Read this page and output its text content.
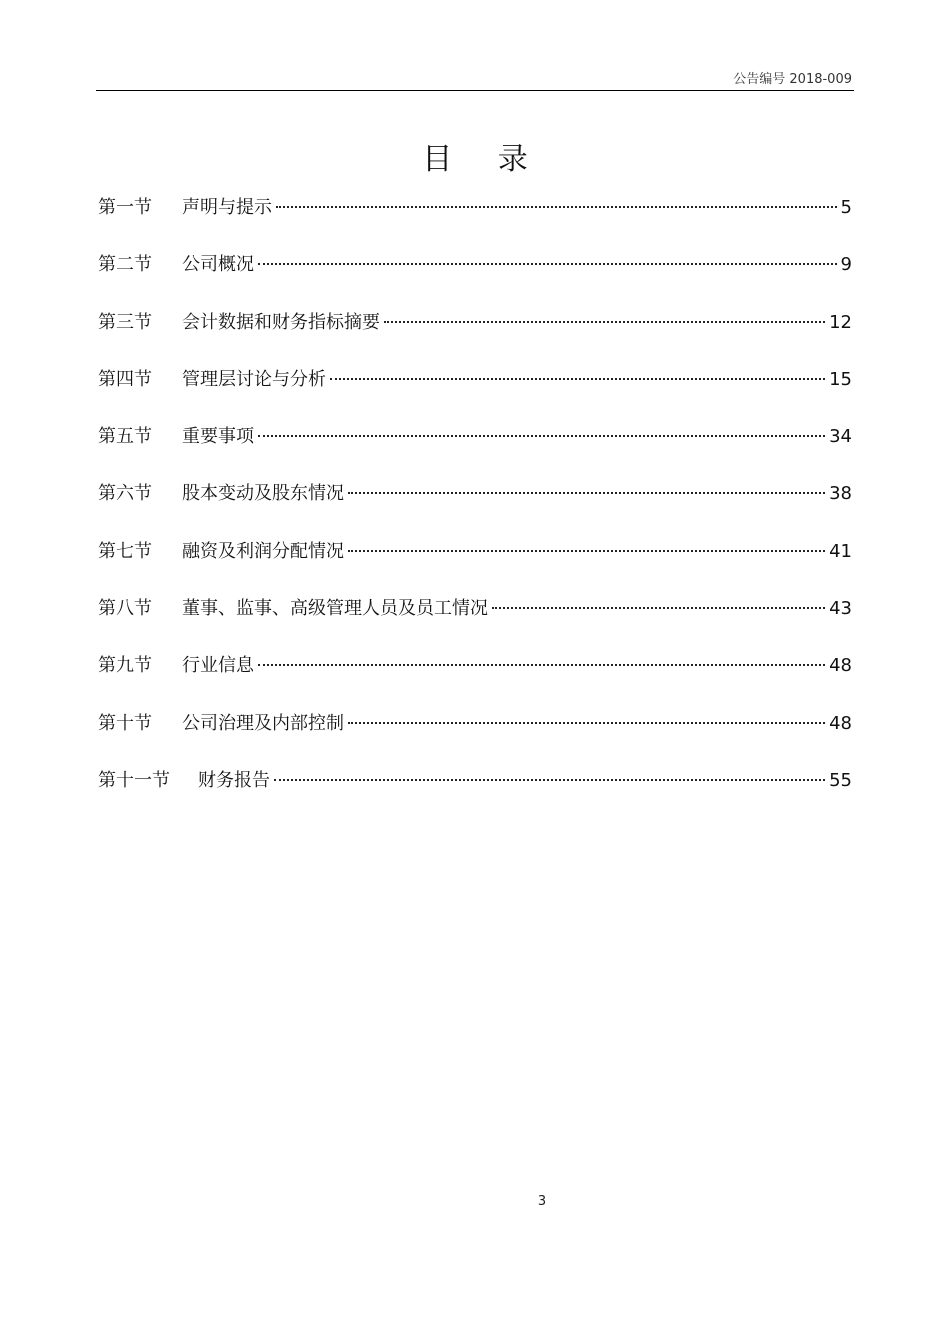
公告编号 2018-009
目 录
第一节	声明与提示	5
第二节	公司概况	9
第三节	会计数据和财务指标摘要	12
第四节	管理层讨论与分析	15
第五节	重要事项	34
第六节	股本变动及股东情况	38
第七节	融资及利润分配情况	41
第八节	董事、监事、高级管理人员及员工情况	43
第九节	行业信息	48
第十节	公司治理及内部控制	48
第十一节	财务报告	55
3
